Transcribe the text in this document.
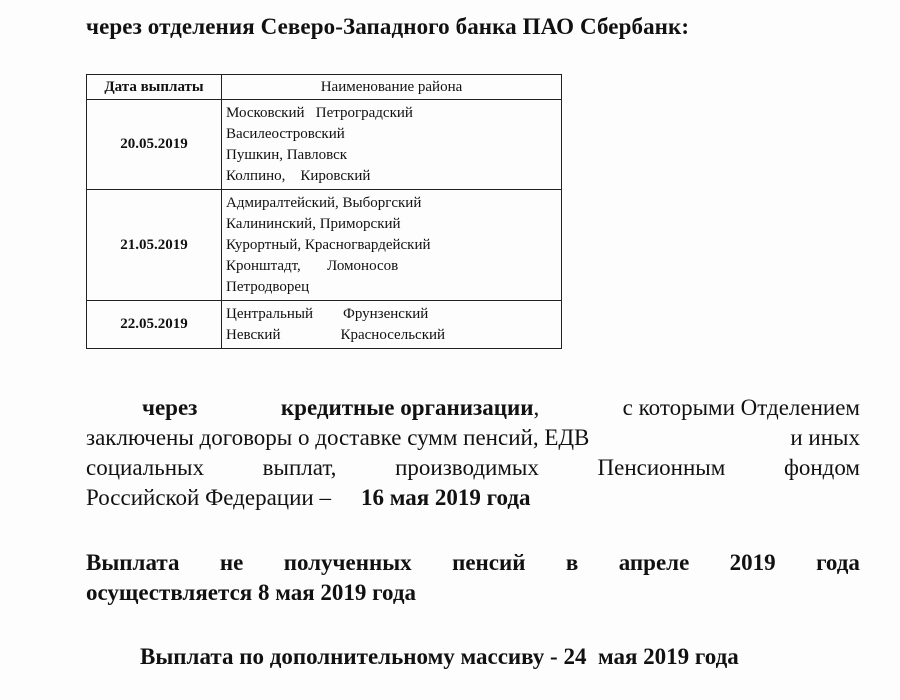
через отделения Северо-Западного банка ПАО Сбербанк:
Дата выплаты	Наименование района
20.05.2019	Московский   Петроградский
Василеостровский
Пушкин, Павловск
Колпино,    Кировский

21.05.2019	Адмиралтейский, Выборгский
Калининский, Приморский
Курортный, Красногвардейский
Кронштадт,       Ломоносов
Петродворец

22.05.2019	Центральный        Фрунзенский
Невский                Красносельский
через	кредитные организации,	с которыми Отделением
заключены договоры о доставке сумм пенсий, ЕДВ	и иных
социальных	выплат,	производимых	Пенсионным	фондом
Российской Федерации – 16 мая 2019 года
Выплата не полученных пенсий в апреле 2019 года
осуществляется 8 мая 2019 года
Выплата по дополнительному массиву - 24  мая 2019 года
